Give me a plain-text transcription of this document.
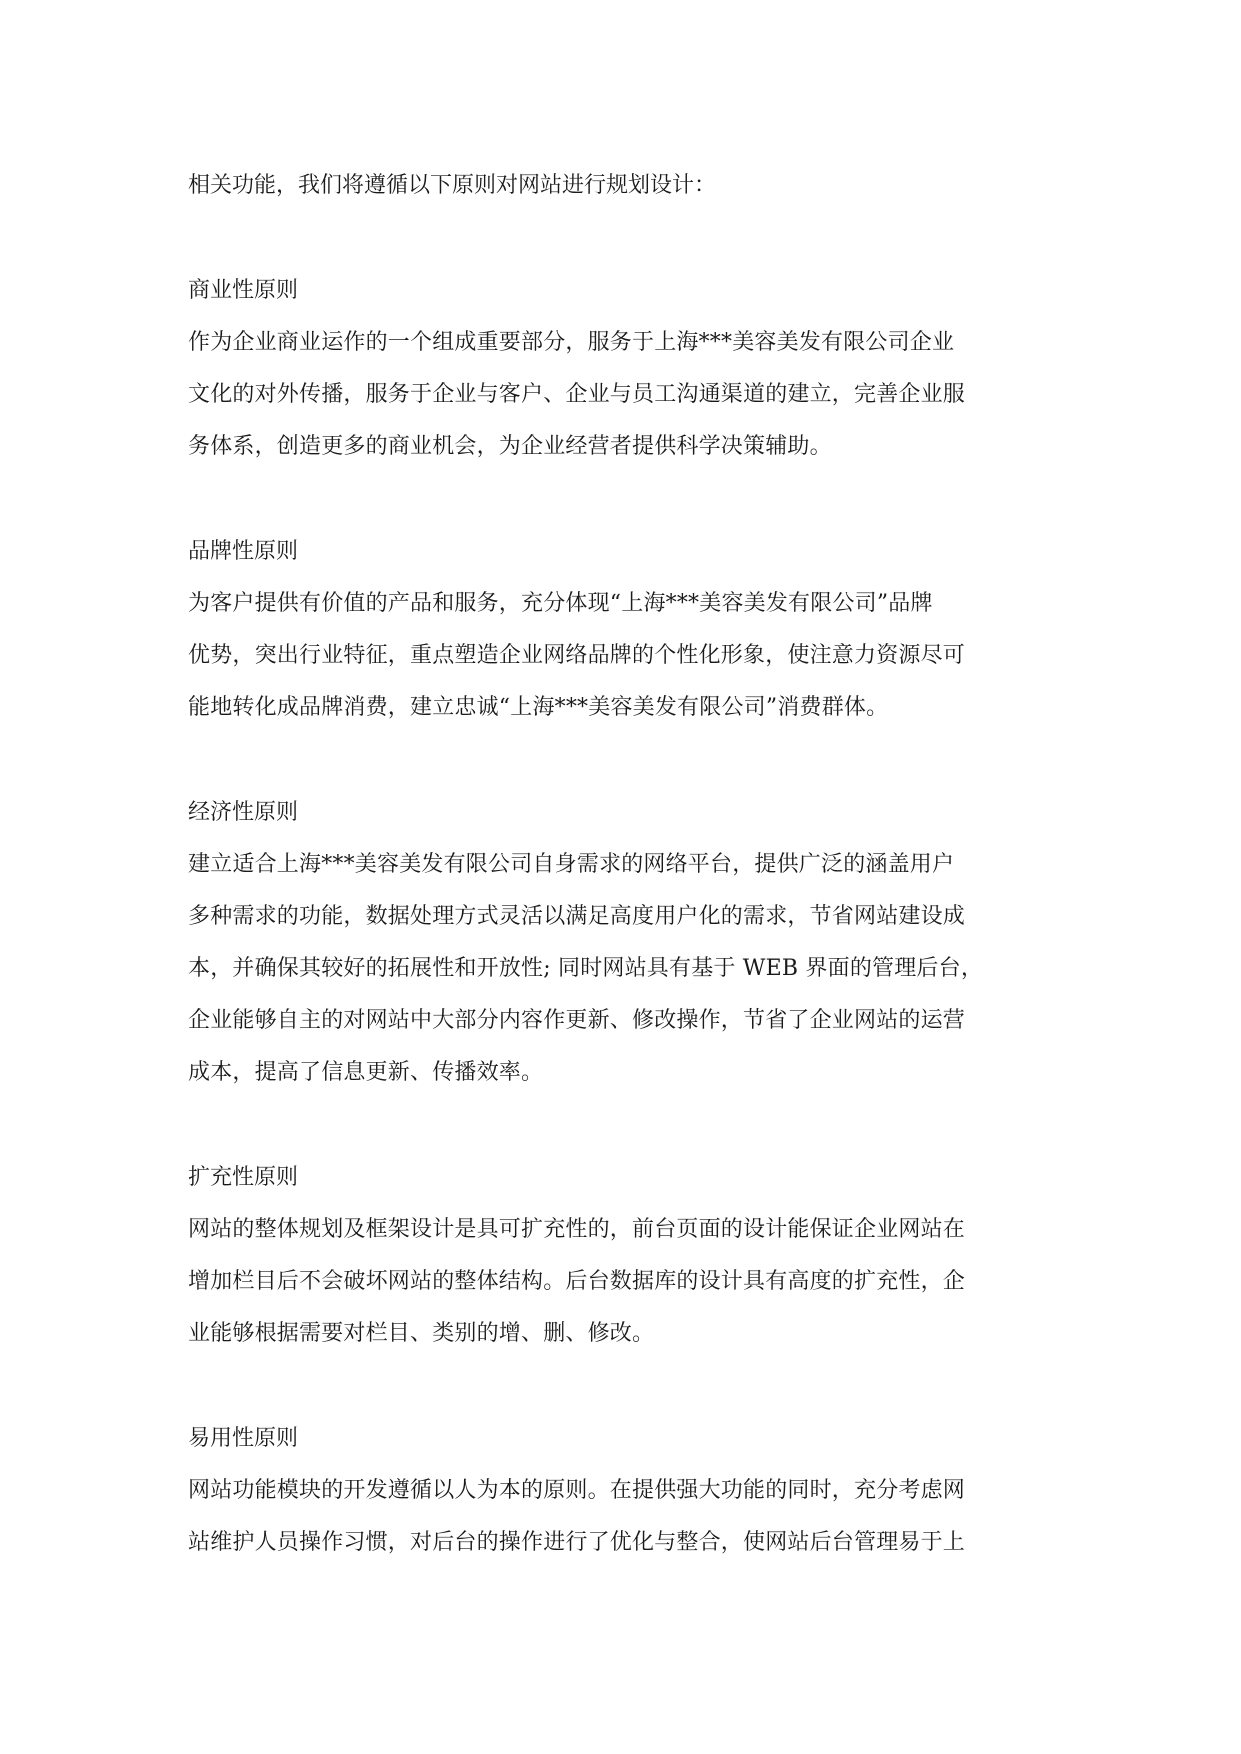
相关功能，我们将遵循以下原则对网站进行规划设计：

商业性原则

作为企业商业运作的一个组成重要部分，服务于上海***美容美发有限公司企业

文化的对外传播，服务于企业与客户、企业与员工沟通渠道的建立，完善企业服

务体系，创造更多的商业机会，为企业经营者提供科学决策辅助。

品牌性原则

为客户提供有价值的产品和服务，充分体现“上海***美容美发有限公司”品牌

优势，突出行业特征，重点塑造企业网络品牌的个性化形象，使注意力资源尽可

能地转化成品牌消费，建立忠诚“上海***美容美发有限公司”消费群体。

经济性原则

建立适合上海***美容美发有限公司自身需求的网络平台，提供广泛的涵盖用户

多种需求的功能，数据处理方式灵活以满足高度用户化的需求，节省网站建设成

本，并确保其较好的拓展性和开放性; 同时网站具有基于 WEB 界面的管理后台，

企业能够自主的对网站中大部分内容作更新、修改操作，节省了企业网站的运营

成本，提高了信息更新、传播效率。

扩充性原则

网站的整体规划及框架设计是具可扩充性的，前台页面的设计能保证企业网站在

增加栏目后不会破坏网站的整体结构。后台数据库的设计具有高度的扩充性，企

业能够根据需要对栏目、类别的增、删、修改。

易用性原则

网站功能模块的开发遵循以人为本的原则。在提供强大功能的同时，充分考虑网

站维护人员操作习惯，对后台的操作进行了优化与整合，使网站后台管理易于上
